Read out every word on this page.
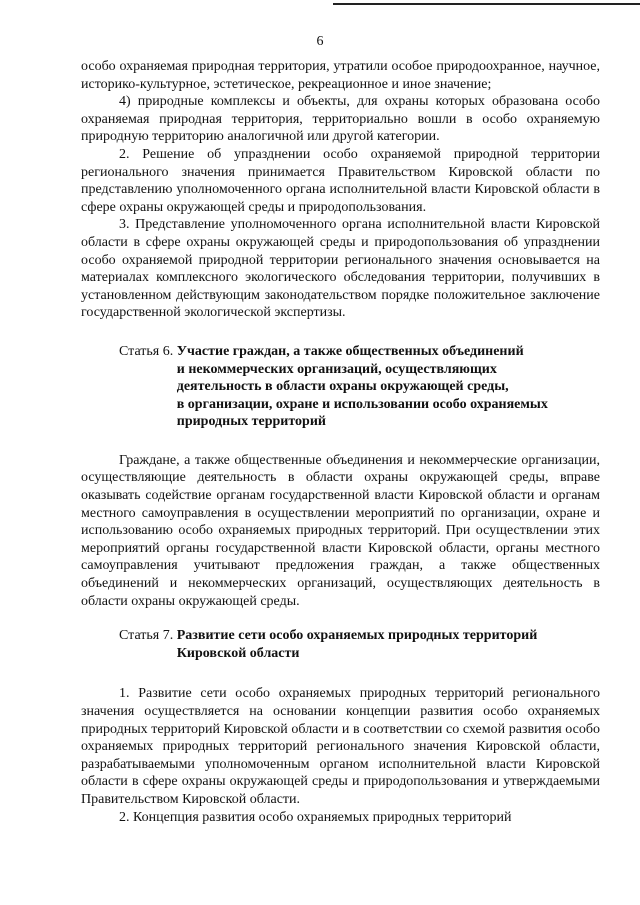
6

особо охраняемая природная территория, утратили особое природоохранное, научное, историко-культурное, эстетическое, рекреационное и иное значение;

4) природные комплексы и объекты, для охраны которых образована особо охраняемая природная территория, территориально вошли в особо охраняемую природную территорию аналогичной или другой категории.

2. Решение об упразднении особо охраняемой природной территории регионального значения принимается Правительством Кировской области по представлению уполномоченного органа исполнительной власти Кировской области в сфере охраны окружающей среды и природопользования.

3. Представление уполномоченного органа исполнительной власти Кировской области в сфере охраны окружающей среды и природопользования об упразднении особо охраняемой природной территории регионального значения основывается на материалах комплексного экологического обследования территории, получивших в установленном действующим законодательством порядке положительное заключение государственной экологической экспертизы.

Статья 6. Участие граждан, а также общественных объединений
и некоммерческих организаций, осуществляющих
деятельность в области охраны окружающей среды,
в организации, охране и использовании особо охраняемых
природных территорий

Граждане, а также общественные объединения и некоммерческие организации, осуществляющие деятельность в области охраны окружающей среды, вправе оказывать содействие органам государственной власти Кировской области и органам местного самоуправления в осуществлении мероприятий по организации, охране и использованию особо охраняемых природных территорий. При осуществлении этих мероприятий органы государственной власти Кировской области, органы местного самоуправления учитывают предложения граждан, а также общественных объединений и некоммерческих организаций, осуществляющих деятельность в области охраны окружающей среды.

Статья 7. Развитие сети особо охраняемых природных территорий
Кировской области

1. Развитие сети особо охраняемых природных территорий регионального значения осуществляется на основании концепции развития особо охраняемых природных территорий Кировской области и в соответствии со схемой развития особо охраняемых природных территорий регионального значения Кировской области, разрабатываемыми уполномоченным органом исполнительной власти Кировской области в сфере охраны окружающей среды и природопользования и утверждаемыми Правительством Кировской области.

2. Концепция развития особо охраняемых природных территорий
